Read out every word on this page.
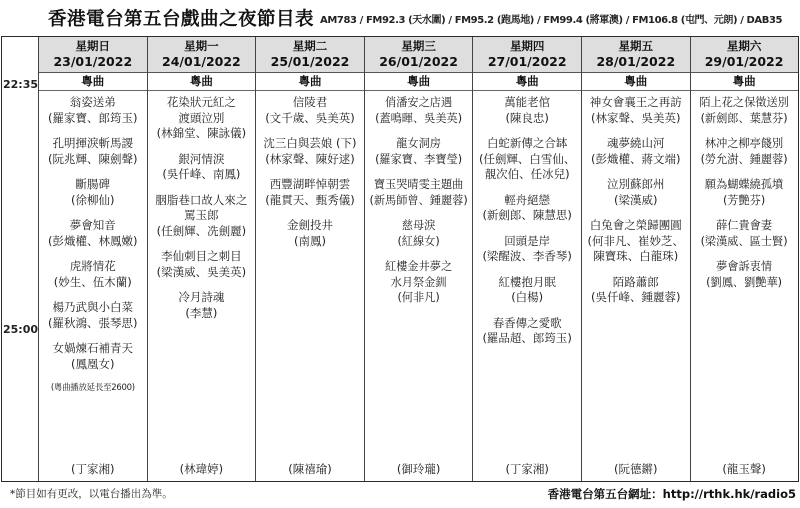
香港電台第五台戲曲之夜節目表 AM783 / FM92.3 (天水圍) / FM95.2 (跑馬地) / FM99.4 (將軍澳) / FM106.8 (屯門、元朗) / DAB35
22:35
25:00
星期日
23/01/2022
粵曲
翁姿送弟
(羅家寶、郎筠玉)
孔明揮淚斬馬謖
(阮兆輝、陳劍聲)
斷腸碑
(徐柳仙)
夢會知音
(彭熾權、林鳳嫩)
虎將情花
(妙生、伍木蘭)
楊乃武與小白菜
(羅秋鴻、張琴思)
女媧煉石補青天
(鳳凰女)
(粵曲播放延長至2600)
(丁家湘)
星期一
24/01/2022
粵曲
花染狀元紅之
渡頭泣別
(林錦堂、陳詠儀)
銀河情淚
(吳仟峰、南鳳)
胭脂巷口故人來之
罵玉郎
(任劍輝、冼劍麗)
李仙刺目之刺目
(梁漢威、吳美英)
冷月詩魂
(李慧)
(林瑋婷)
星期二
25/01/2022
粵曲
信陵君
(文千歲、吳美英)
沈三白與芸娘 (下)
(林家聲、陳好逑)
西豐湖畔悼朝雲
(龍貫天、甄秀儀)
金劍投井
(南鳳)
(陳禧瑜)
星期三
26/01/2022
粵曲
俏潘安之店遇
(蓋鳴暉、吳美英)
龍女洞房
(羅家寶、李寶瑩)
寶玉哭晴雯主題曲
(新馬師曾、鍾麗蓉)
慈母淚
(紅線女)
紅樓金井夢之
水月祭金釧
(何非凡)
(御玲瓏)
星期四
27/01/2022
粵曲
萬能老倌
(陳良忠)
白蛇新傳之合缽
(任劍輝、白雪仙、
靚次伯、任冰兒)
輕舟絕戀
(新劍郎、陳慧思)
回頭是岸
(梁醒波、李香琴)
紅樓抱月眠
(白楊)
春香傳之愛歌
(羅品超、郎筠玉)
(丁家湘)
星期五
28/01/2022
粵曲
神女會襄王之再訪
(林家聲、吳美英)
魂夢繞山河
(彭熾權、蔣文端)
泣別蘇郎州
(梁漢威)
白兔會之榮歸團圓
(何非凡、崔妙芝、
陳寶珠、白龍珠)
陌路蕭郎
(吳仟峰、鍾麗蓉)
(阮德鏘)
星期六
29/01/2022
粵曲
陌上花之保徵送別
(新劍郎、葉慧芬)
林冲之柳亭餞別
(勞允澍、鍾麗蓉)
願為蝴蝶繞孤墳
(芳艷芬)
薛仁貴會妻
(梁漢威、區士賢)
夢會訴衷情
(劉鳳、劉艷華)
(龍玉聲)
*節目如有更改，以電台播出為準。	香港電台第五台網址：http://rthk.hk/radio5
